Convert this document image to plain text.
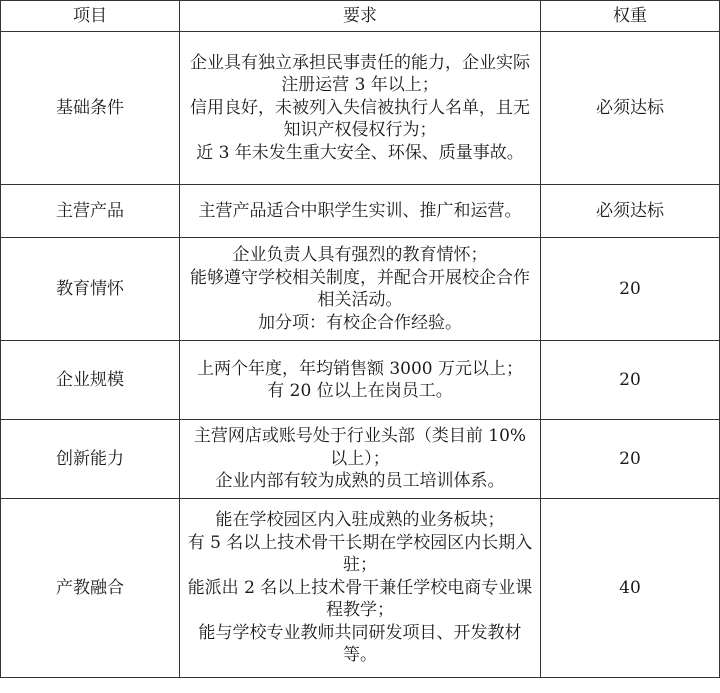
项目	要求	权重
基础条件	企业具有独立承担民事责任的能力，企业实际注册运营 3 年以上；
信用良好，未被列入失信被执行人名单，且无知识产权侵权行为；
近 3 年未发生重大安全、环保、质量事故。	必须达标
主营产品	主营产品适合中职学生实训、推广和运营。	必须达标
教育情怀	企业负责人具有强烈的教育情怀；
能够遵守学校相关制度，并配合开展校企合作相关活动。
加分项：有校企合作经验。	20
企业规模	上两个年度，年均销售额 3000 万元以上；
有 20 位以上在岗员工。	20
创新能力	主营网店或账号处于行业头部（类目前 10% 以上）；
企业内部有较为成熟的员工培训体系。	20
产教融合	能在学校园区内入驻成熟的业务板块；
有 5 名以上技术骨干长期在学校园区内长期入驻；
能派出 2 名以上技术骨干兼任学校电商专业课程教学；
能与学校专业教师共同研发项目、开发教材等。	40
